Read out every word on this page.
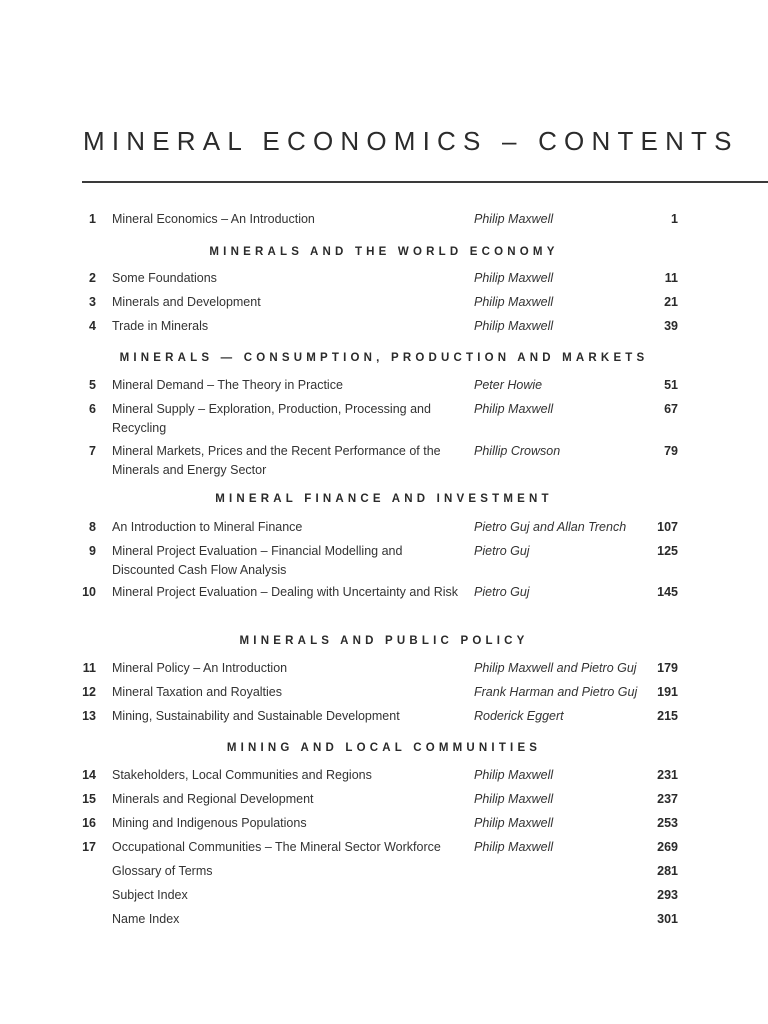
MINERAL ECONOMICS – CONTENTS
1 Mineral Economics – An Introduction	Philip Maxwell	1
MINERALS AND THE WORLD ECONOMY
2 Some Foundations	Philip Maxwell	11
3 Minerals and Development	Philip Maxwell	21
4 Trade in Minerals	Philip Maxwell	39
MINERALS — CONSUMPTION, PRODUCTION AND MARKETS
5 Mineral Demand – The Theory in Practice	Peter Howie	51
6 Mineral Supply – Exploration, Production, Processing and Recycling
Philip Maxwell	67
7 Mineral Markets, Prices and the Recent Performance of the Minerals and Energy Sector
Phillip Crowson	79
MINERAL FINANCE AND INVESTMENT
8 An Introduction to Mineral Finance	Pietro Guj and Allan Trench	107
9 Mineral Project Evaluation – Financial Modelling and Discounted Cash Flow Analysis
Pietro Guj	125
10 Mineral Project Evaluation – Dealing with Uncertainty and Risk	Pietro Guj	145
MINERALS AND PUBLIC POLICY
11 Mineral Policy – An Introduction	Philip Maxwell and Pietro Guj	179
12 Mineral Taxation and Royalties	Frank Harman and Pietro Guj	191
13 Mining, Sustainability and Sustainable Development	Roderick Eggert	215
MINING AND LOCAL COMMUNITIES
14 Stakeholders, Local Communities and Regions	Philip Maxwell	231
15 Minerals and Regional Development	Philip Maxwell	237
16 Mining and Indigenous Populations	Philip Maxwell	253
17 Occupational Communities – The Mineral Sector Workforce	Philip Maxwell	269
Glossary of Terms	281
Subject Index	293
Name Index	301
